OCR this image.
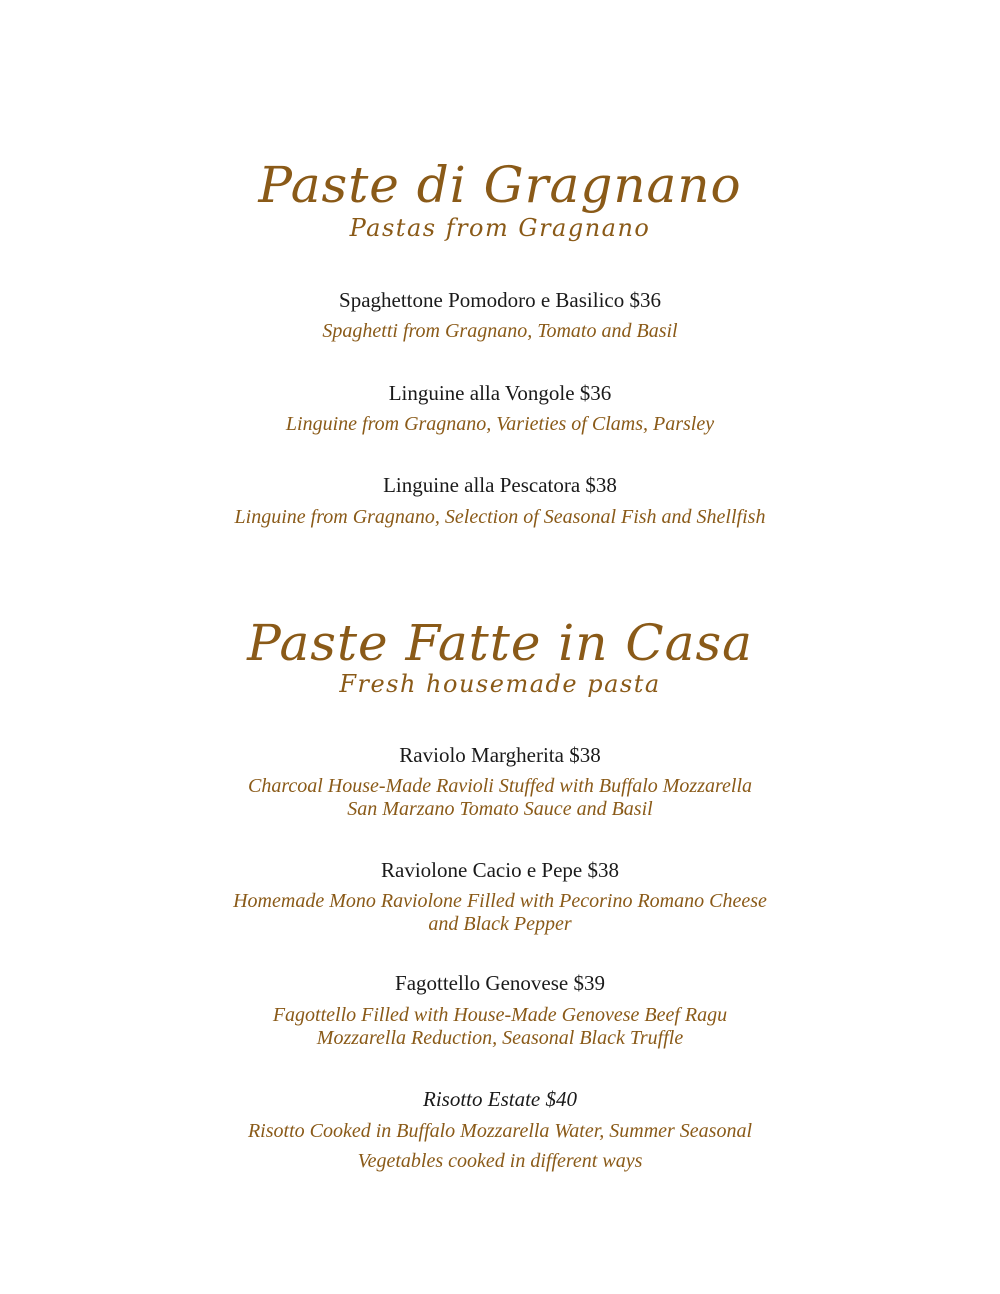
Paste di Gragnano
Pastas from Gragnano
Spaghettone Pomodoro e Basilico $36
Spaghetti from Gragnano, Tomato and Basil
Linguine alla Vongole $36
Linguine from Gragnano, Varieties of Clams, Parsley
Linguine alla Pescatora $38
Linguine from Gragnano, Selection of Seasonal Fish and Shellfish
Paste Fatte in Casa
Fresh housemade pasta
Raviolo Margherita $38
Charcoal House-Made Ravioli Stuffed with Buffalo Mozzarella
San Marzano Tomato Sauce and Basil
Raviolone Cacio e Pepe $38
Homemade Mono Raviolone Filled with Pecorino Romano Cheese
and Black Pepper
Fagottello Genovese $39
Fagottello Filled with House-Made Genovese Beef Ragu
Mozzarella Reduction, Seasonal Black Truffle
Risotto Estate $40
Risotto Cooked in Buffalo Mozzarella Water, Summer Seasonal
Vegetables cooked in different ways
